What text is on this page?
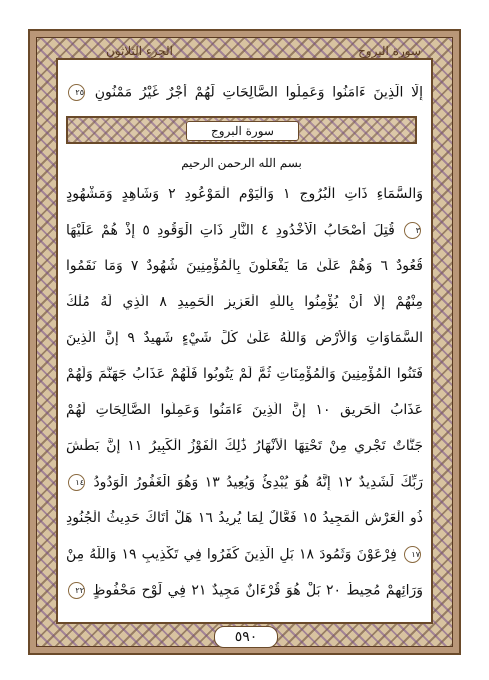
الجزء الثلاثون	سورة البروج
إِلَّا الَّذِينَ ءَامَنُوا وَعَمِلُوا الصَّالِحَاتِ لَهُمْ أَجْرٌ غَيْرُ مَمْنُونٍ ٢٥
سورة البروج
بسم الله الرحمن الرحيم
وَالسَّمَاءِ ذَاتِ الْبُرُوجِ ١ وَالْيَوْمِ الْمَوْعُودِ ٢ وَشَاهِدٍ وَمَشْهُودٍ
٣ قُتِلَ أَصْحَابُ الْأُخْدُودِ ٤ النَّارِ ذَاتِ الْوَقُودِ ٥ إِذْ هُمْ عَلَيْهَا
قُعُودٌ ٦ وَهُمْ عَلَىٰ مَا يَفْعَلُونَ بِالْمُؤْمِنِينَ شُهُودٌ ٧ وَمَا نَقَمُوا
مِنْهُمْ إِلَّا أَنْ يُؤْمِنُوا بِاللَّهِ الْعَزِيزِ الْحَمِيدِ ٨ الَّذِي لَهُ مُلْكُ
السَّمَاوَاتِ وَالْأَرْضِ وَاللَّهُ عَلَىٰ كُلِّ شَيْءٍ شَهِيدٌ ٩ إِنَّ الَّذِينَ
فَتَنُوا الْمُؤْمِنِينَ وَالْمُؤْمِنَاتِ ثُمَّ لَمْ يَتُوبُوا فَلَهُمْ عَذَابُ جَهَنَّمَ وَلَهُمْ
عَذَابُ الْحَرِيقِ ١٠ إِنَّ الَّذِينَ ءَامَنُوا وَعَمِلُوا الصَّالِحَاتِ لَهُمْ
جَنَّاتٌ تَجْرِي مِنْ تَحْتِهَا الْأَنْهَارُ ذَٰلِكَ الْفَوْزُ الْكَبِيرُ ١١ إِنَّ بَطْشَ
رَبِّكَ لَشَدِيدٌ ١٢ إِنَّهُ هُوَ يُبْدِئُ وَيُعِيدُ ١٣ وَهُوَ الْغَفُورُ الْوَدُودُ ١٤
ذُو الْعَرْشِ الْمَجِيدُ ١٥ فَعَّالٌ لِمَا يُرِيدُ ١٦ هَلْ أَتَاكَ حَدِيثُ الْجُنُودِ
١٧ فِرْعَوْنَ وَثَمُودَ ١٨ بَلِ الَّذِينَ كَفَرُوا فِي تَكْذِيبٍ ١٩ وَاللَّهُ مِنْ
وَرَائِهِمْ مُحِيطٌ ٢٠ بَلْ هُوَ قُرْءَانٌ مَجِيدٌ ٢١ فِي لَوْحٍ مَحْفُوظٍ ٢٢
٥٩٠
